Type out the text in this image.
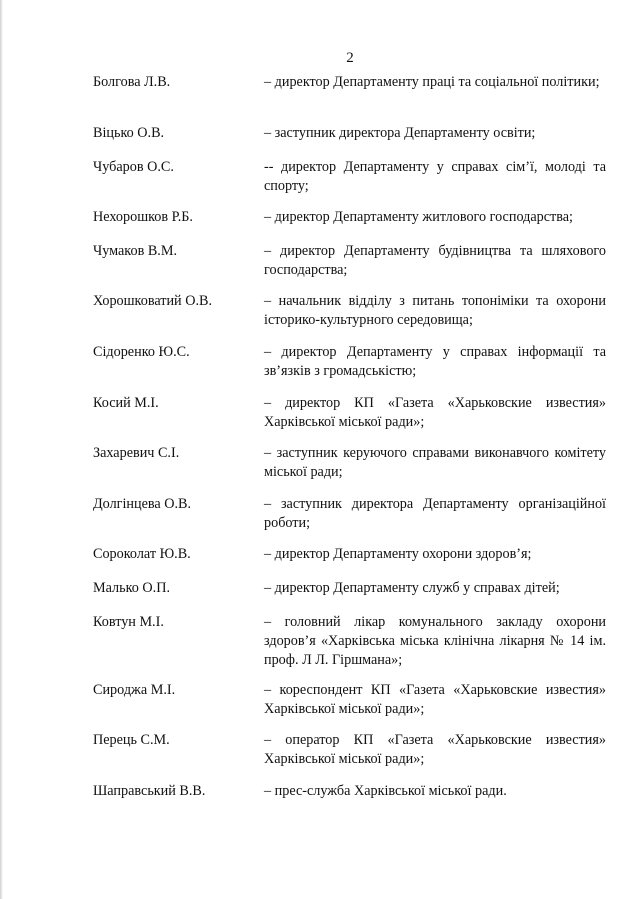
2
Болгова Л.В.	– директор Департаменту праці та соціальної політики;
Віцько О.В.	– заступник директора Департаменту освіти;
Чубаров О.С.	-- директор Департаменту у справах сім’ї, молоді та спорту;
Нехорошков Р.Б.	– директор Департаменту житлового господарства;
Чумаков В.М.	– директор Департаменту будівництва та шляхового господарства;
Хорошковатий О.В.	– начальник відділу з питань топоніміки та охорони історико-культурного середовища;
Сідоренко Ю.С.	– директор Департаменту у справах інформації та зв’язків з громадськістю;
Косий М.І.	– директор КП «Газета «Харьковские известия» Харківської міської ради»;
Захаревич С.І.	– заступник керуючого справами виконавчого комітету міської ради;
Долгінцева О.В.	– заступник директора Департаменту організаційної роботи;
Сороколат Ю.В.	– директор Департаменту охорони здоров’я;
Малько О.П.	– директор Департаменту служб у справах дітей;
Ковтун М.І.	– головний лікар комунального закладу охорони здоров’я «Харківська міська клінічна лікарня № 14 ім. проф. Л Л. Гіршмана»;
Сироджа М.І.	– кореспондент КП «Газета «Харьковские известия» Харківської міської ради»;
Перець С.М.	– оператор КП «Газета «Харьковские известия» Харківської міської ради»;
Шаправський В.В.	– прес-служба Харківської міської ради.
